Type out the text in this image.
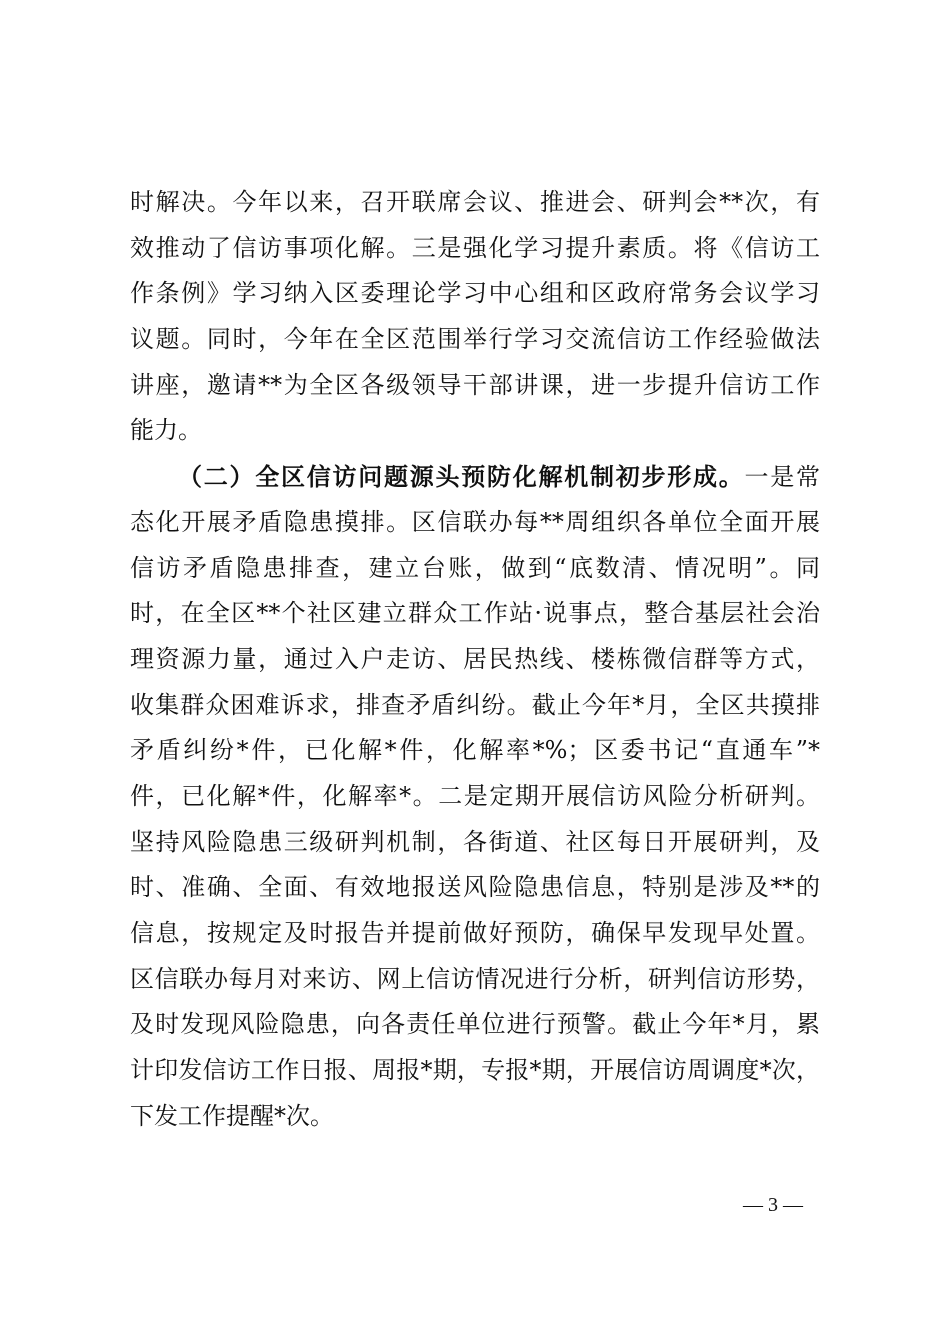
时解决。今年以来，召开联席会议、推进会、研判会**次，有
效推动了信访事项化解。三是强化学习提升素质。将《信访工
作条例》学习纳入区委理论学习中心组和区政府常务会议学习
议题。同时，今年在全区范围举行学习交流信访工作经验做法
讲座，邀请**为全区各级领导干部讲课，进一步提升信访工作
能力。
（二）全区信访问题源头预防化解机制初步形成。一是常
态化开展矛盾隐患摸排。区信联办每**周组织各单位全面开展
信访矛盾隐患排查，建立台账，做到“底数清、情况明”。同
时，在全区**个社区建立群众工作站·说事点，整合基层社会治
理资源力量，通过入户走访、居民热线、楼栋微信群等方式，
收集群众困难诉求，排查矛盾纠纷。截止今年*月，全区共摸排
矛盾纠纷*件，已化解*件，化解率*%；区委书记“直通车”*
件，已化解*件，化解率*。二是定期开展信访风险分析研判。
坚持风险隐患三级研判机制，各街道、社区每日开展研判，及
时、准确、全面、有效地报送风险隐患信息，特别是涉及**的
信息，按规定及时报告并提前做好预防，确保早发现早处置。
区信联办每月对来访、网上信访情况进行分析，研判信访形势，
及时发现风险隐患，向各责任单位进行预警。截止今年*月，累
计印发信访工作日报、周报*期，专报*期，开展信访周调度*次，
下发工作提醒*次。
— 3 —
